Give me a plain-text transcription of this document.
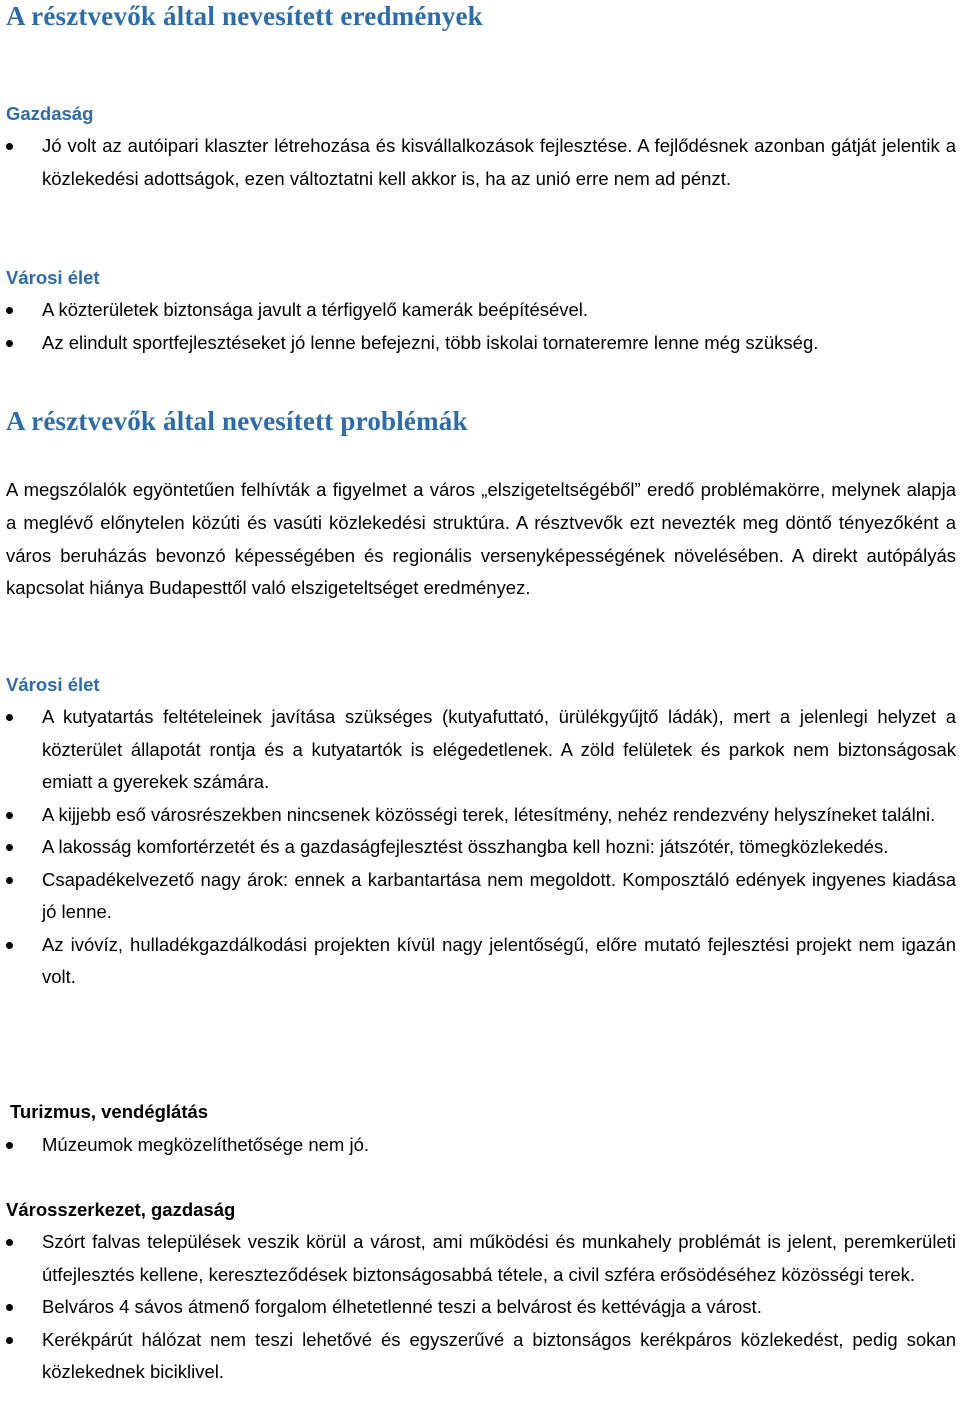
A résztvevők által nevesített eredmények
Gazdaság
Jó volt az autóipari klaszter létrehozása és kisvállalkozások fejlesztése. A fejlődésnek azonban gátját jelentik a közlekedési adottságok, ezen változtatni kell akkor is, ha az unió erre nem ad pénzt.
Városi élet
A közterületek biztonsága javult a térfigyelő kamerák beépítésével.
Az elindult sportfejlesztéseket jó lenne befejezni, több iskolai tornateremre lenne még szükség.
A résztvevők által nevesített problémák

A megszólalók egyöntetűen felhívták a figyelmet a város „elszigeteltségéből” eredő problémakörre, melynek alapja a meglévő előnytelen közúti és vasúti közlekedési struktúra. A résztvevők ezt nevezték meg döntő tényezőként a város beruházás bevonzó képességében és regionális versenyképességének növelésében. A direkt autópályás kapcsolat hiánya Budapesttől való elszigeteltséget eredményez.

Városi élet
A kutyatartás feltételeinek javítása szükséges (kutyafuttató, ürülékgyűjtő ládák), mert a jelenlegi helyzet a közterület állapotát rontja és a kutyatartók is elégedetlenek. A zöld felületek és parkok nem biztonságosak emiatt a gyerekek számára.
A kijjebb eső városrészekben nincsenek közösségi terek, létesítmény, nehéz rendezvény helyszíneket találni.
A lakosság komfortérzetét és a gazdaságfejlesztést összhangba kell hozni: játszótér, tömegközlekedés.
Csapadékelvezető nagy árok: ennek a karbantartása nem megoldott. Komposztáló edények ingyenes kiadása jó lenne.
Az ivóvíz, hulladékgazdálkodási projekten kívül nagy jelentőségű, előre mutató fejlesztési projekt nem igazán volt.
Turizmus, vendéglátás
Múzeumok megközelíthetősége nem jó.
Városszerkezet, gazdaság
Szórt falvas települések veszik körül a várost, ami működési és munkahely problémát is jelent, peremkerületi útfejlesztés kellene, kereszteződések biztonságosabbá tétele, a civil szféra erősödéséhez közösségi terek.
Belváros 4 sávos átmenő forgalom élhetetlenné teszi a belvárost és kettévágja a várost.
Kerékpárút hálózat nem teszi lehetővé és egyszerűvé a biztonságos kerékpáros közlekedést, pedig sokan közlekednek biciklivel.
